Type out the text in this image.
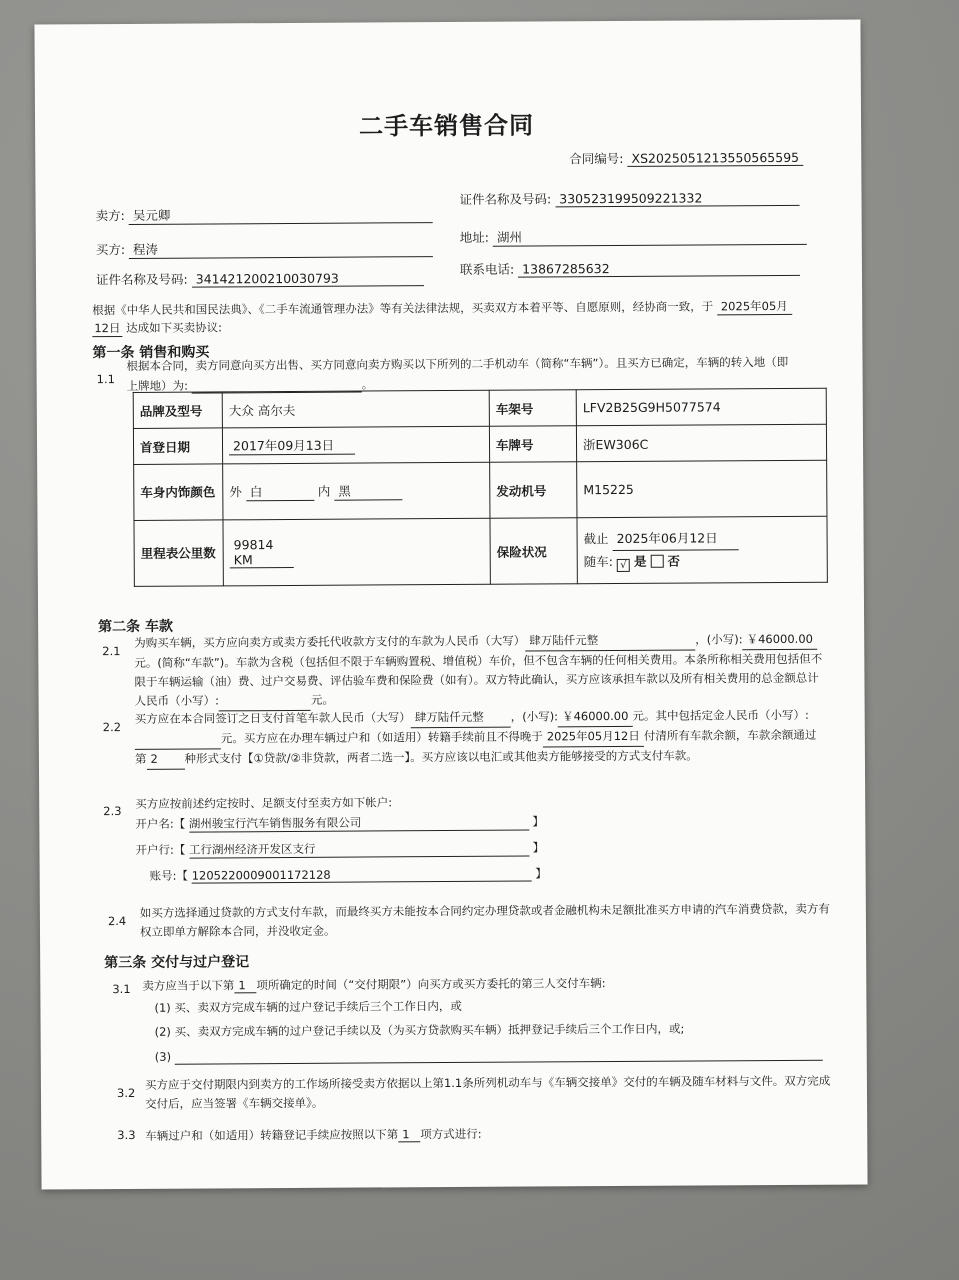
二手车销售合同
合同编号: XS2025051213550565595
卖方: 吴元卿
证件名称及号码: 330523199509221332
买方: 程涛
地址: 湖州
证件名称及号码: 341421200210030793
联系电话: 13867285632
根据《中华人民共和国民法典》、《二手车流通管理办法》等有关法律法规，买卖双方本着平等、自愿原则，经协商一致，于 2025年05月
12日 达成如下买卖协议:
第一条 销售和购买
1.1
根据本合同，卖方同意向买方出售、买方同意向卖方购买以下所列的二手机动车（简称“车辆”）。且买方已确定，车辆的转入地（即
上牌地）为:	。
品牌及型号	大众 高尔夫	车架号	LFV2B25G9H5077574
首登日期	2017年09月13日	车牌号	浙EW306C
车身内饰颜色	外 白 内 黑	发动机号	M15225
里程表公里数	99814 KM	保险状况	截止 2025年06月12日
随车: √ 是 否
第二条 车款
2.1
为购买车辆，买方应向卖方或卖方委托代收款方支付的车款为人民币（大写） 肆万陆仟元整	，(小写): ￥46000.00元。(简称“车款”)。车款为含税（包括但不限于车辆购置税、增值税）车价，但不包含车辆的任何相关费用。本条所称相关费用包括但不限于车辆运输（油）费、过户交易费、评估验车费和保险费（如有）。双方特此确认，买方应该承担车款以及所有相关费用的总金额总计人民币（小写）:	元。
2.2
买方应在本合同签订之日支付首笔车款人民币（大写） 肆万陆仟元整 ，(小写): ￥46000.00 元。其中包括定金人民币（小写）: 元。买方应在办理车辆过户和（如适用）转籍手续前且不得晚于 2025年05月12日 付清所有车款余额，车款余额通过第 2 种形式支付【①贷款/②非贷款，两者二选一】。买方应该以电汇或其他卖方能够接受的方式支付车款。
2.3
买方应按前述约定按时、足额支付至卖方如下帐户:
开户名:【 湖州骏宝行汽车销售服务有限公司	】
开户行:【 工行湖州经济开发区支行	】
账号:【 1205220009001172128	】
2.4
如买方选择通过贷款的方式支付车款，而最终买方未能按本合同约定办理贷款或者金融机构未足额批准买方申请的汽车消费贷款，卖方有权立即单方解除本合同，并没收定金。
第三条 交付与过户登记
3.1 卖方应当于以下第 1 项所确定的时间（“交付期限”）向买方或买方委托的第三人交付车辆:
(1) 买、卖双方完成车辆的过户登记手续后三个工作日内，或
(2) 买、卖双方完成车辆的过户登记手续以及（为买方贷款购买车辆）抵押登记手续后三个工作日内，或;
(3)
3.2
买方应于交付期限内到卖方的工作场所接受卖方依据以上第1.1条所列机动车与《车辆交接单》交付的车辆及随车材料与文件。双方完成交付后，应当签署《车辆交接单》。
3.3 车辆过户和（如适用）转籍登记手续应按照以下第 1 项方式进行:
